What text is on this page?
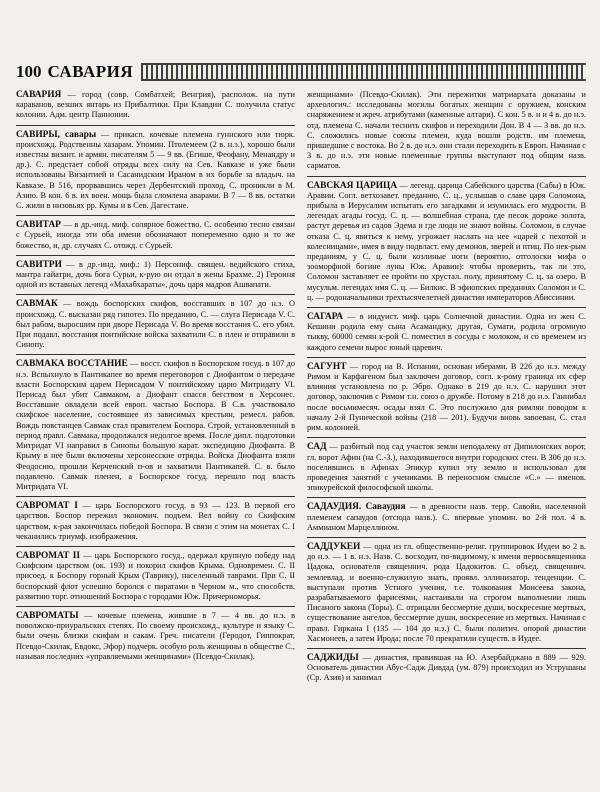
100 САВАРИЯ
САВАРИЯ — город (совр. Сомбатхей; Венгрия), располож. на пути караванов, везших янтарь из Прибалтики. При Клавдии С. получила статус колонии. Адм. центр Паннонии.
САВИРЫ, савары — прикасп. кочевые племена гуннского или тюрк. происхожд. Родственны хазарам. Упомин. Птолемеем (2 в. н.э.), хорошо были известны визант. и армян. писателям 5 — 9 вв. (Егише, Феофану, Менандру и др.). С. предстает собой отряды всех силу на Сев. Кавказе и уже были использованы Византией и Сасанидским Ираном в их борьбе за владыч. на Кавказе. В 516, прорвавшись через Дербентский проход, С. проникли в М. Азию. В кон. 6 в. их воен. мощь была сломлена аварами. В 7 — 8 вв. остатки С. жили в низовьях рр. Кумы и в Сев. Дагестане.
САВИТАР — в др.-инд. миф. солярное божество. С. особенно тесно связан с Сурьей, иногда эти оба имени обозначают попеременно одно и то же божество, и, др. случаях С. отожд. с Сурьей.
САВИТРИ — в др.-инд. миф.: 1) Персониф. священ. ведийского стиха, мантра гайатри, дочь бога Сурьи, к-рую он отдал в жены Брахме. 2) Героиня одной из вставных легенд «Махабхараты», дочь царя мадров Ашвапати.
САВМАК — вождь боспорских скифов, восставших в 107 до н.э. О происхожд. С. высказан ряд гипотез. По преданию, С. — слуга Перисада V. С. был рабом, выросшим при дворе Перисада V. Во время восстания С. его убил. При подавл. восстания понтийские войска захватили С. в плен и отправили в Синопу.
САВМАКА ВОССТАНИЕ — восст. скифов в Боспорском госуд. в 107 до н.э. Вспыхнуло в Пантикапее во время переговоров с Диофантом о передаче власти Боспорским царем Перисадом V понтийскому царю Митридату VI. Перисад был убит Савмаком, а Диофант спасся бегством в Херсонес. Восставшие овладели всей европ. частью Боспора. В С.в. участвовало скифское население, состоявшее из зависимых крестьян, ремесл. рабов. Вождь повстанцев Савмак стал правителем Боспора. Строй, установленный в период правл. Савмака, продолжался недолгое время. После дипл. подготовки Митридат VI направил в Синопы большую карат. экспедицию Диофанта. В Крыму в нее были включены херсонесские отряды. Войска Диофанта взяли Феодосию, прошли Керченский п-ов и захватили Пантикапей. С. в. было подавлено. Савмак пленен, а Боспорское госуд. перешло под власть Митридата VI.
САВРОМАТ I — царь Боспорского госуд. в 93 — 123. В первой его царствов. Боспор пережил экономич. подъем. Вел войну со Скифским царством, к-рая закончилась победой Боспора. В связи с этим на монетах С. I чеканились триумф. изображения.
САВРОМАТ II — царь Боспорского госуд., одержал крупную победу над Скифским царством (ок. 193) и покорил скифов Крыма. Одновремен. С. II присоед. к Боспору горный Крым (Таврику), населенный таврами. При С. II боспорский флот успешно боролся с пиратами в Черном м., что способств. развитию торг. отношений Боспора с городами Юж. Причерноморья.
САВРОМАТЫ — кочевые племена, жившие в 7 — 4 вв. до н.э. в поволжско-приуральских степях. По своему происхожд., культуре и языку С. были очень близки скифам и сакам. Греч. писатели (Геродот, Гиппократ, Псевдо-Скилак, Евдокс, Эфор) подчерк. особую роль женщины в обществе С., называя последних «управляемыми женщинами» (Псевдо-Скилак).
женщинами» (Псевдо-Скилак). Эти пережитки матриархата доказаны и археологич.: исследованы могилы богатых женщин с оружием, конским снаряжением и жреч. атрибутами (каменные алтари). С кон. 5 в. н и 4 в. до н.э. отд. племена С. начали теснить скифов и переходили Дон. В 4 — 3 вв. до н.э. С. сложились новые союзы племен, куда вошли родств. им племена, пришедшие с востока. Во 2 в. до н.э. они стали переходить в Европ. Начиная с 3 в. до н.э. эти новые племенные группы выступают под общим назв. сарматов.
САВСКАЯ ЦАРИЦА — легенд. царица Сабейского царства (Сабы) в Юж. Аравии. Согл. ветхозавет. преданию, С. ц., услышав о славе царя Соломона, прибыла в Иерусалим испытать его загадками и изумилась его мудрости. В легендах агады госуд. С. ц. — волшебная страна, где песок дороже золота, растут деревья из садов Эдема и где люди не знают войны. Соломон, в случае отказа С. ц. явиться к нему, угрожает наслать на нее «царей с пехотой и колесницами», имея в виду подвласт. ему демонов, зверей и птиц. По нек-рым преданиям, у С. ц. были козлиные ноги (вероятно, отголоски мифа о зооморфной богине луны Юж. Аравии): чтобы проверить, так ли это, Соломон заставляет ее пройти по хрустал. полу, принятому С. ц. за озеро. В мусульм. легендах имя С. ц. — Билкис. В эфиопских преданиях Соломон и С. ц. — родоначальники трехтысячелетней династии императоров Абиссинии.
САГАРА — в индуист. миф. царь Солнечной династии. Одна из жен С. Кешини родила ему сына Асаманджу, другая, Сумати, родила огромную тыкву, 60000 семян к-рой С. поместил в сосуды с молоком, и со временем из каждого семени вырос юный царевич.
САГУНТ — город на В. Испании, основан иберами. В 226 до н.э. между Римом и Карфагеном был заключен договор, согл. к-рому граница их сфер влияния установлена по р. Эбро. Однако в 219 до н.э. С. нарушил этот договор, заключив с Римом т.н. союз о дружбе. Потому в 218 до н.э. Ганнибал после восьмимесяч. осады взял С. Это послужило для римлян поводом к началу 2-й Пунической войны (218 — 201). Будучи вновь завоеван, С. стал рим. колонией.
САД — разбитый под сад участок земли неподалеку от Дипилонских ворот, гл. ворот Афин (на С.-З.), находившегося внутри городских стен. В 306 до н.э. поселившись в Афинах Эпикур купил эту землю и использовал для проведения занятий с учениками. В переносном смысле «С.» — именов. эпикурейской философской школы.
САДАУДИЯ. Саваудия — в древности назв. терр. Савойи, населенной племенем сапаудов (отсюда назв.). С. впервые упомин. во 2-й пол. 4 в. Аммианом Марцеллином.
САДДУКЕИ — одна из гл. общественно-религ. группировок Иудеи во 2 в. до н.э. — 1 в. н.э. Назв. С. восходит, по-видимому, к имени первосвященника Цадока, основателя священнич. рода Цадокитов. С. объед. священнич. землевлад. и военно-служилую знать, проявл. эллинизатор. тенденции. С. выступали против Устного учения, т.е. толкования Моисеева закона, разрабатываемого фарисеями, настаивали на строгом выполнении лишь Писаного закона (Торы). С. отрицали бессмертие души, воскресение мертвых, существование ангелов, бессмертие души, воскресение из мертвых. Начиная с правл. Гиркана I (135 — 104 до н.э.) С. были политич. опорой династии Хасмонеев, а затем Ирода; после 70 прекратили существ. в Иудее.
САДЖИДЫ — династия, правившая на Ю. Азербайджана в 889 — 929. Основатель династии Абус-Садж Дивдад (ум. 879) происходил из Уструшаны (Ср. Азия) и занимал
